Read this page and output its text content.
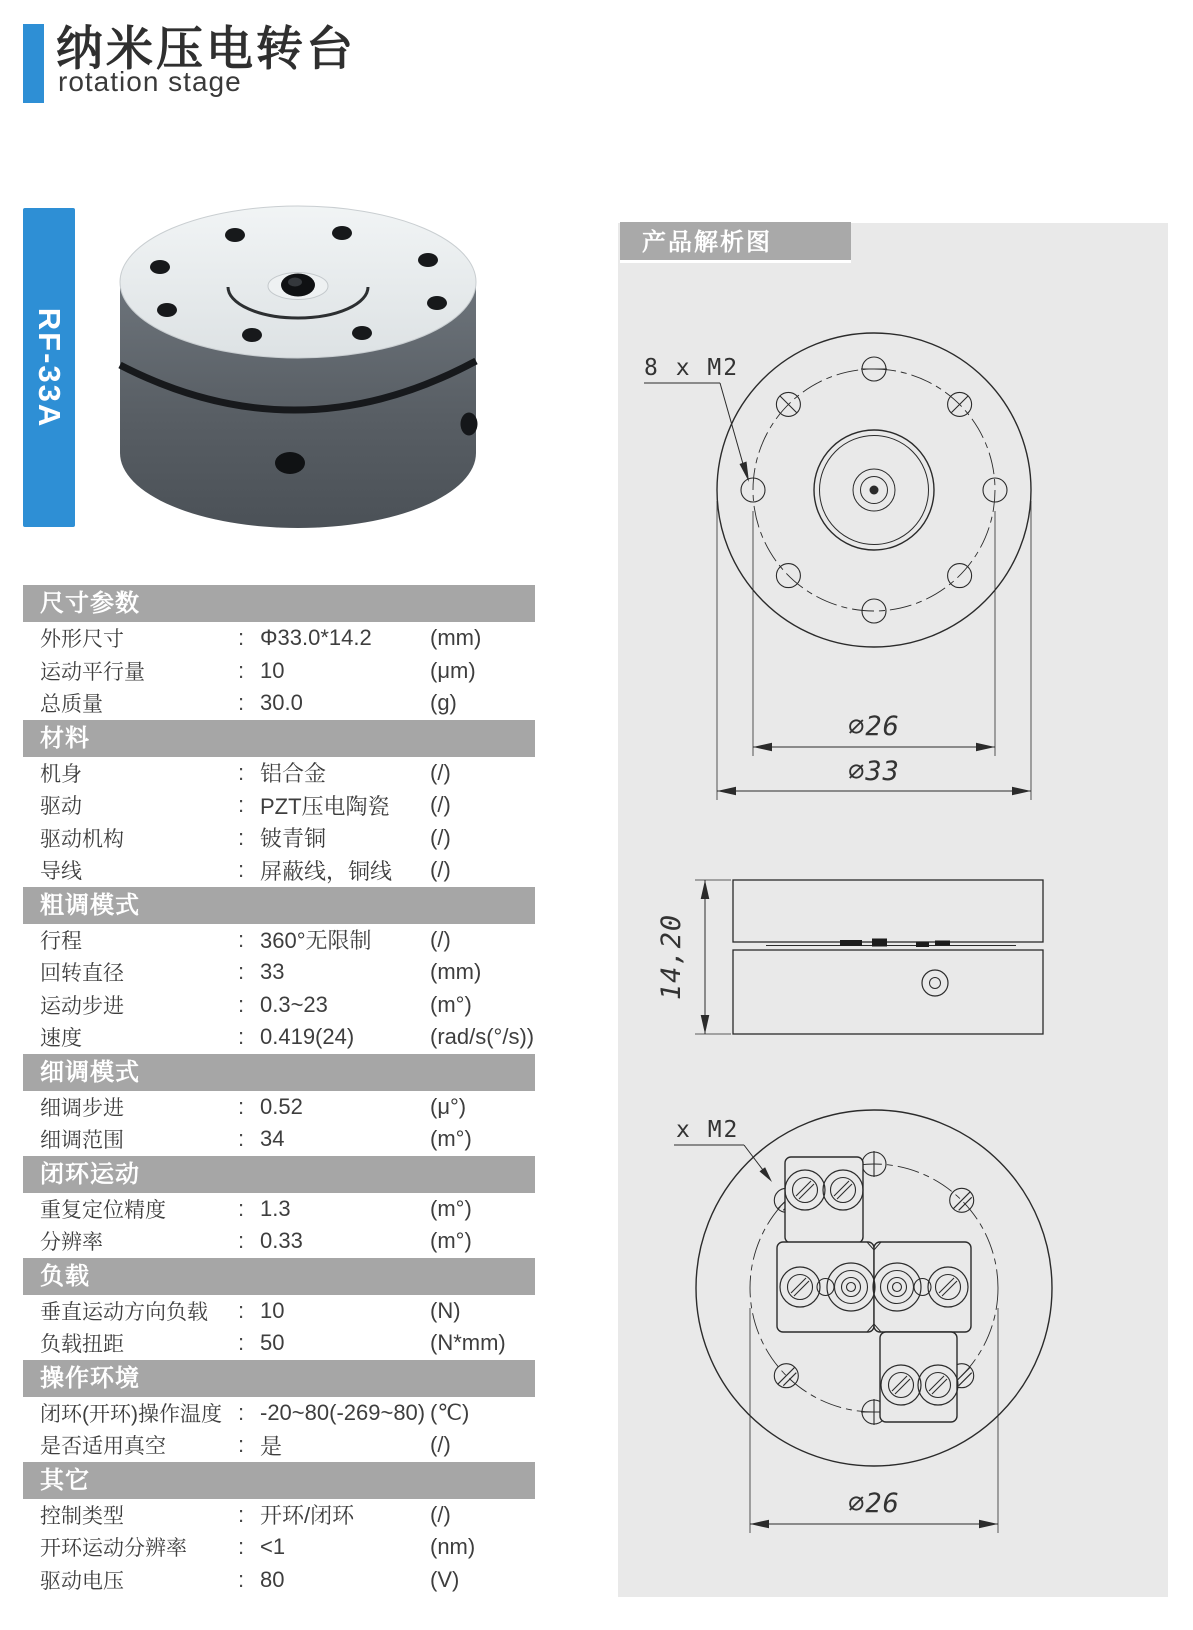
纳米压电转台
rotation stage
RF-33A
尺寸参数
外形尺寸	: Φ33.0*14.2	(mm)
运动平行量	: 10	(μm)
总质量	: 30.0	(g)
材料
机身	: 铝合金	(/)
驱动	: PZT压电陶瓷	(/)
驱动机构	: 铍青铜	(/)
导线	: 屏蔽线，铜线	(/)
粗调模式
行程	: 360°无限制	(/)
回转直径	: 33	(mm)
运动步进	: 0.3~23	(m°)
速度	: 0.419(24)	(rad/s(°/s))
细调模式
细调步进	: 0.52	(μ°)
细调范围	: 34	(m°)
闭环运动
重复定位精度	: 1.3	(m°)
分辨率	: 0.33	(m°)
负载
垂直运动方向负载	: 10	(N)
负载扭距	: 50	(N*mm)
操作环境
闭环(开环)操作温度 : -20~80(-269~80) (℃)
是否适用真空	: 是	(/)
其它
控制类型	: 开环/闭环	(/)
开环运动分辨率	: <1	(nm)
驱动电压	: 80	(V)
产品解析图
8 x M2
∅26
∅33
14,20
x M2
∅26
